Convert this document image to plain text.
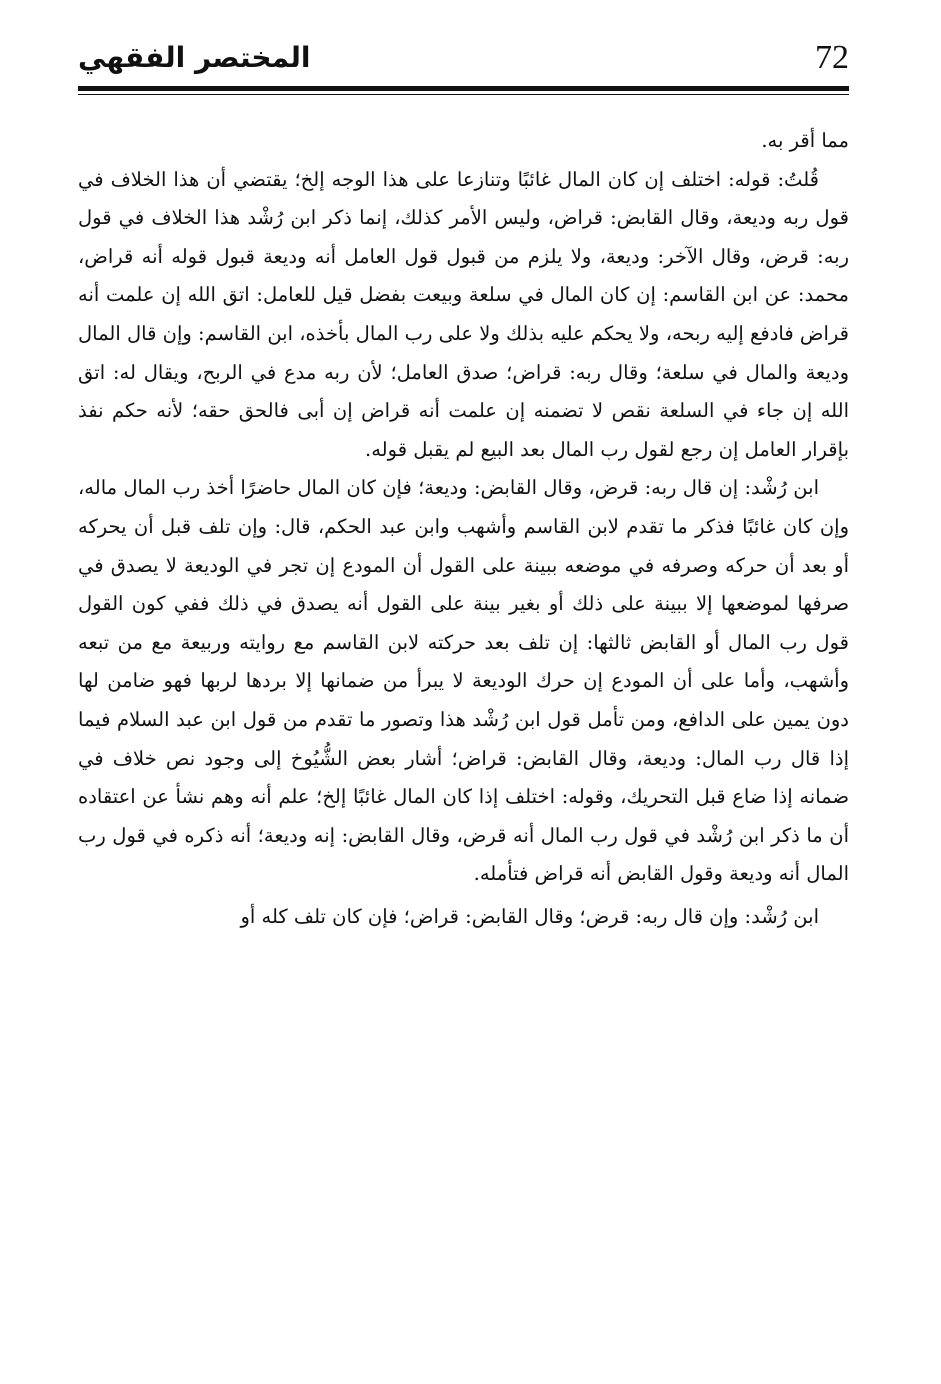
72
المختصر الفقهي

مما أقر به.

قُلتُ: قوله: اختلف إن كان المال غائبًا وتنازعا على هذا الوجه إلخ؛ يقتضي أن هذا الخلاف في قول ربه وديعة، وقال القابض: قراض، وليس الأمر كذلك، إنما ذكر ابن رُشْد هذا الخلاف في قول ربه: قرض، وقال الآخر: وديعة، ولا يلزم من قبول قول العامل أنه وديعة قبول قوله أنه قراض، محمد: عن ابن القاسم: إن كان المال في سلعة وبيعت بفضل قيل للعامل: اتق الله إن علمت أنه قراض فادفع إليه ربحه، ولا يحكم عليه بذلك ولا على رب المال بأخذه، ابن القاسم: وإن قال المال وديعة والمال في سلعة؛ وقال ربه: قراض؛ صدق العامل؛ لأن ربه مدع في الربح، ويقال له: اتق الله إن جاء في السلعة نقص لا تضمنه إن علمت أنه قراض إن أبى فالحق حقه؛ لأنه حكم نفذ بإقرار العامل إن رجع لقول رب المال بعد البيع لم يقبل قوله.

ابن رُشْد: إن قال ربه: قرض، وقال القابض: وديعة؛ فإن كان المال حاضرًا أخذ رب المال ماله، وإن كان غائبًا فذكر ما تقدم لابن القاسم وأشهب وابن عبد الحكم، قال: وإن تلف قبل أن يحركه أو بعد أن حركه وصرفه في موضعه ببينة على القول أن المودع إن تجر في الوديعة لا يصدق في صرفها لموضعها إلا ببينة على ذلك أو بغير بينة على القول أنه يصدق في ذلك ففي كون القول قول رب المال أو القابض ثالثها: إن تلف بعد حركته لابن القاسم مع روايته وربيعة مع من تبعه وأشهب، وأما على أن المودع إن حرك الوديعة لا يبرأ من ضمانها إلا بردها لربها فهو ضامن لها دون يمين على الدافع، ومن تأمل قول ابن رُشْد هذا وتصور ما تقدم من قول ابن عبد السلام فيما إذا قال رب المال: وديعة، وقال القابض: قراض؛ أشار بعض الشُّيُوخ إلى وجود نص خلاف في ضمانه إذا ضاع قبل التحريك، وقوله: اختلف إذا كان المال غائبًا إلخ؛ علم أنه وهم نشأ عن اعتقاده أن ما ذكر ابن رُشْد في قول رب المال أنه قرض، وقال القابض: إنه وديعة؛ أنه ذكره في قول رب المال أنه وديعة وقول القابض أنه قراض فتأمله.

ابن رُشْد: وإن قال ربه: قرض؛ وقال القابض: قراض؛ فإن كان تلف كله أو
